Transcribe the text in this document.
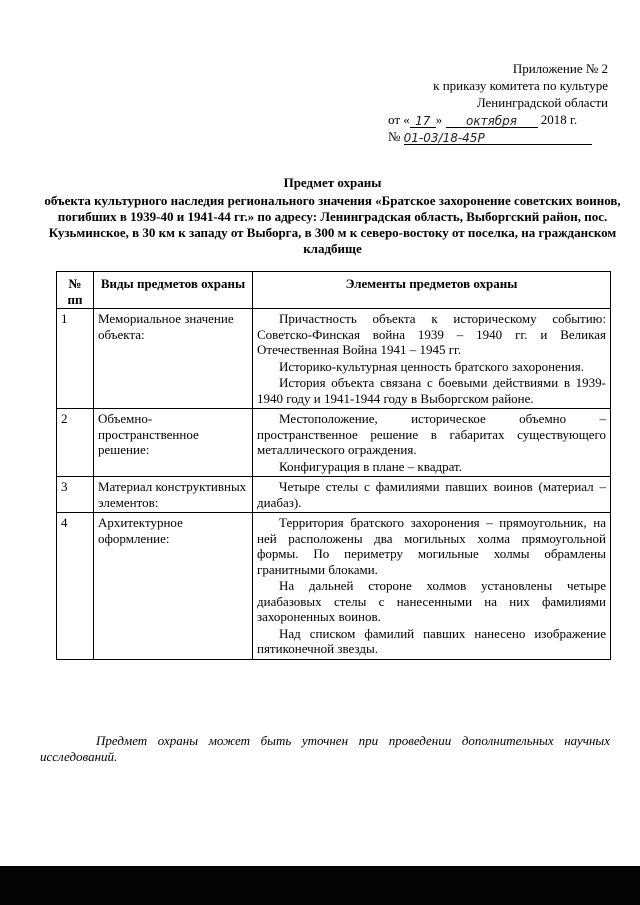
Приложение № 2
к приказу комитета по культуре
Ленинградской области
от « 17 » октября 2018 г.
№ 01-03/18-45Р
Предмет охраны
объекта культурного наследия регионального значения «Братское захоронение советских воинов, погибших в 1939-40 и 1941-44 гг.» по адресу: Ленинградская область, Выборгский район, пос. Кузьминское, в 30 км к западу от Выборга, в 300 м к северо-востоку от поселка, на гражданском кладбище
№ пп	Виды предметов охраны	Элементы предметов охраны
1	Мемориальное значение объекта:	Причастность объекта к историческому событию: Советско-Финская война 1939 – 1940 гг. и Великая Отечественная Война 1941 – 1945 гг.

Историко-культурная ценность братского захоронения.

История объекта связана с боевыми действиями в 1939-1940 году и 1941-1944 году в Выборгском районе.

2	Объемно-пространственное решение:	Местоположение, историческое объемно – пространственное решение в габаритах существующего металлического ограждения.

Конфигурация в плане – квадрат.

3	Материал конструктивных элементов:	Четыре стелы с фамилиями павших воинов (материал – диабаз).

4	Архитектурное оформление:	Территория братского захоронения – прямоугольник, на ней расположены два могильных холма прямоугольной формы. По периметру могильные холмы обрамлены гранитными блоками.

На дальней стороне холмов установлены четыре диабазовых стелы с нанесенными на них фамилиями захороненных воинов.

Над списком фамилий павших нанесено изображение пятиконечной звезды.

Предмет охраны может быть уточнен при проведении дополнительных научных исследований.
